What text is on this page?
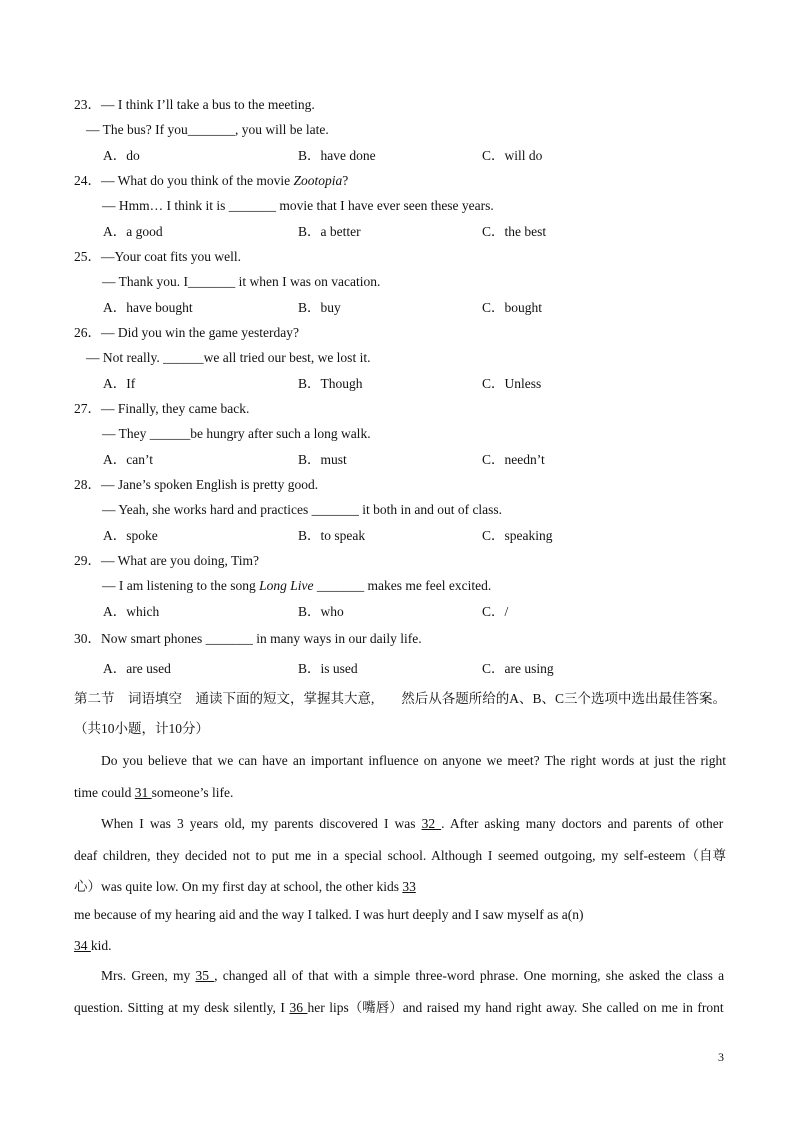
23．— I think I’ll take a bus to the meeting.
— The bus? If you_______, you will be late.
A．do	B．have done	C．will do
24．— What do you think of the movie Zootopia?
— Hmm… I think it is _______ movie that I have ever seen these years.
A．a good	B．a better	C．the best
25．—Your coat fits you well.
— Thank you. I_______ it when I was on vacation.
A．have bought	B．buy	C．bought
26．— Did you win the game yesterday?
— Not really. ______we all tried our best, we lost it.
A．If	B．Though	C．Unless
27．— Finally, they came back.
— They ______be hungry after such a long walk.
A．can’t	B．must	C．needn’t
28．— Jane’s spoken English is pretty good.
— Yeah, she works hard and practices _______ it both in and out of class.
A．spoke	B．to speak	C．speaking
29．— What are you doing, Tim?
— I am listening to the song Long Live _______ makes me feel excited.
A．which	B．who	C．/
30．Now smart phones _______ in many ways in our daily life.
A．are used	B．is used	C．are using
第二节　词语填空　通读下面的短文，掌握其大意, 然后从各题所给的A、B、C三个选项中选出最佳答案。
（共10小题，计10分）
Do you believe that we can have an important influence on anyone we meet? The right words at just the right
time could 31 someone’s life.
When I was 3 years old, my parents discovered I was 32 . After asking many doctors and parents of other
deaf children, they decided not to put me in a special school. Although I seemed outgoing, my self-esteem（自尊
心）was quite low. On my first day at school, the other kids 33
me because of my hearing aid and the way I talked. I was hurt deeply and I saw myself as a(n)
34 kid.
Mrs. Green, my 35 , changed all of that with a simple three-word phrase. One morning, she asked the class a
question. Sitting at my desk silently, I 36 her lips（嘴唇）and raised my hand right away. She called on me in front
3
